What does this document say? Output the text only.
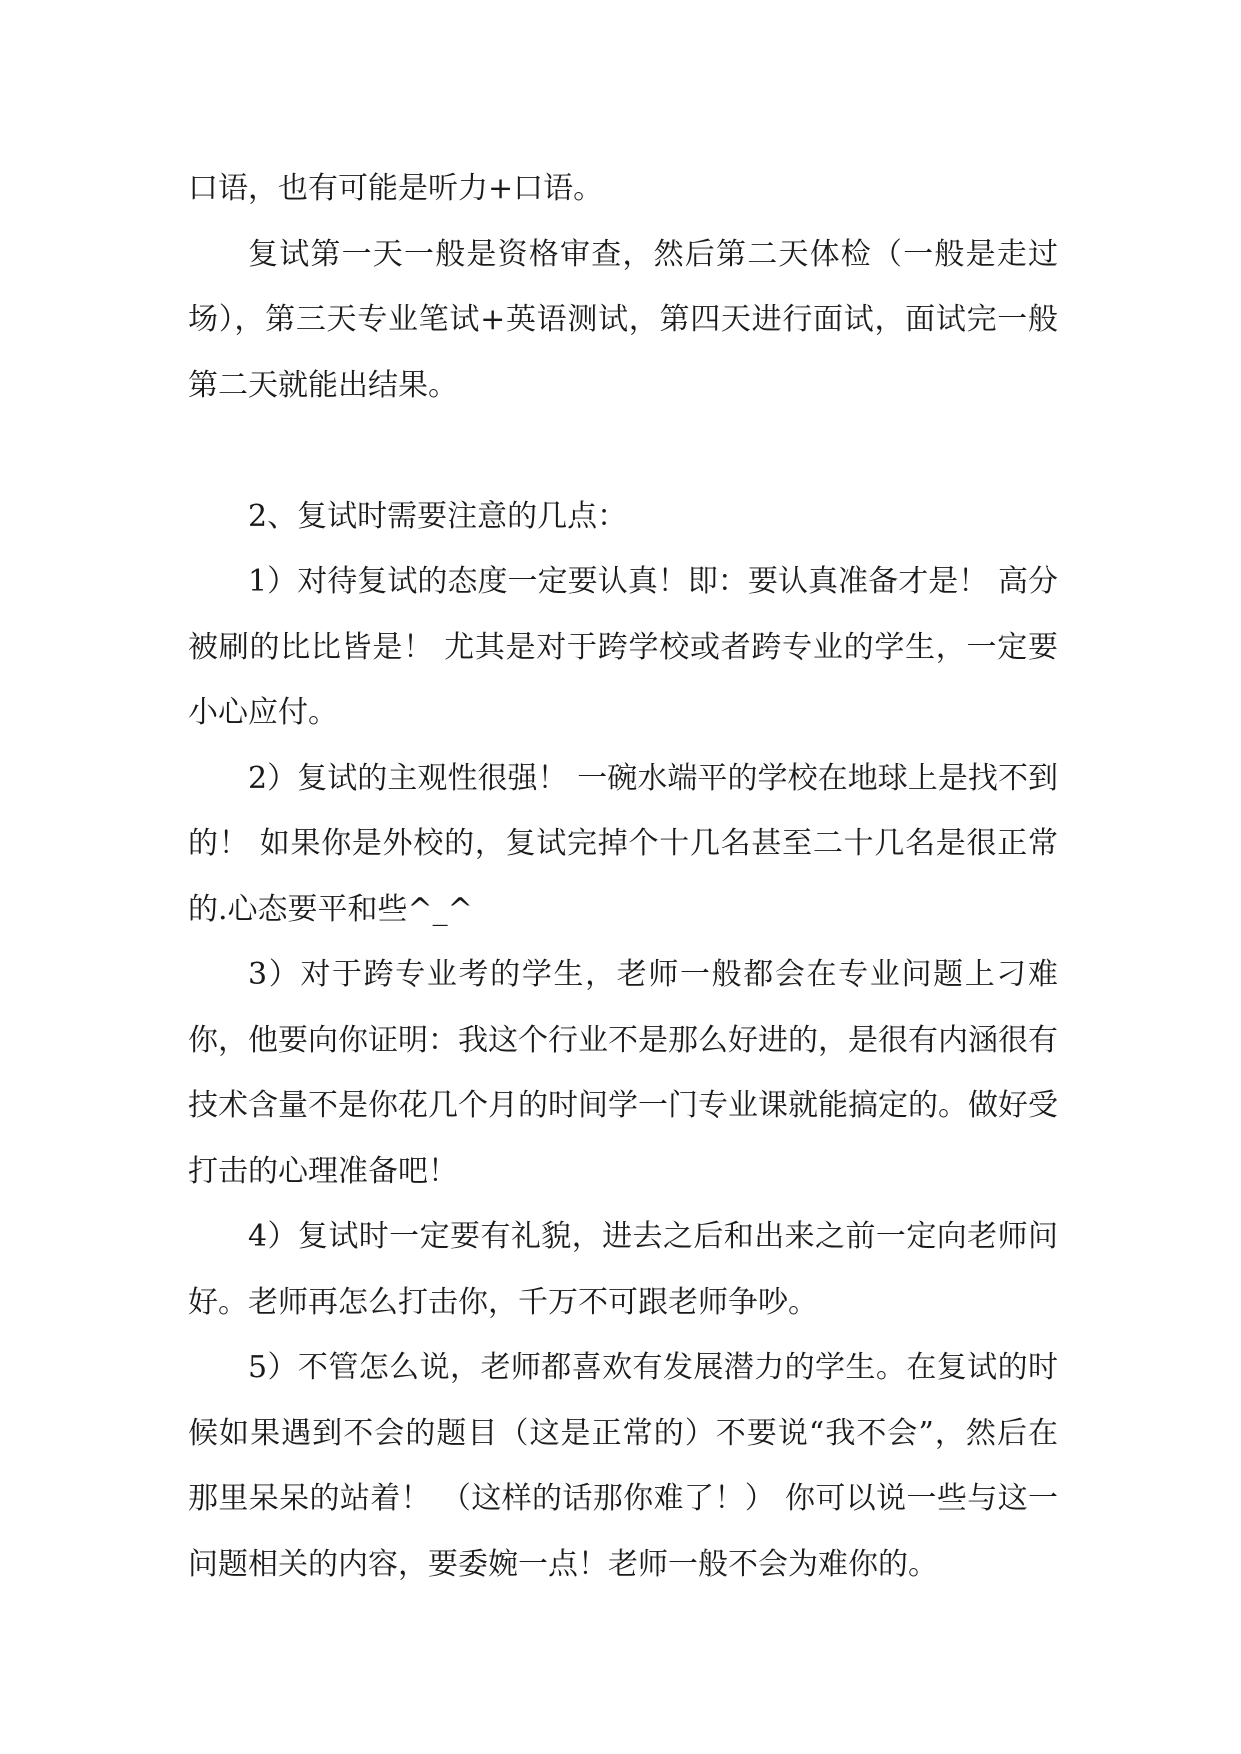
口语，也有可能是听力+口语。

复试第一天一般是资格审查，然后第二天体检（一般是走过场），第三天专业笔试+英语测试，第四天进行面试，面试完一般第二天就能出结果。

2、复试时需要注意的几点：

1）对待复试的态度一定要认真！即：要认真准备才是！ 高分被刷的比比皆是！ 尤其是对于跨学校或者跨专业的学生，一定要小心应付。

2）复试的主观性很强！ 一碗水端平的学校在地球上是找不到的！ 如果你是外校的，复试完掉个十几名甚至二十几名是很正常的.心态要平和些^_^

3）对于跨专业考的学生，老师一般都会在专业问题上刁难你，他要向你证明：我这个行业不是那么好进的，是很有内涵很有技术含量不是你花几个月的时间学一门专业课就能搞定的。做好受打击的心理准备吧！

4）复试时一定要有礼貌，进去之后和出来之前一定向老师问好。老师再怎么打击你，千万不可跟老师争吵。

5）不管怎么说，老师都喜欢有发展潜力的学生。在复试的时候如果遇到不会的题目（这是正常的）不要说“我不会”，然后在那里呆呆的站着！ （这样的话那你难了！） 你可以说一些与这一问题相关的内容，要委婉一点！老师一般不会为难你的。
